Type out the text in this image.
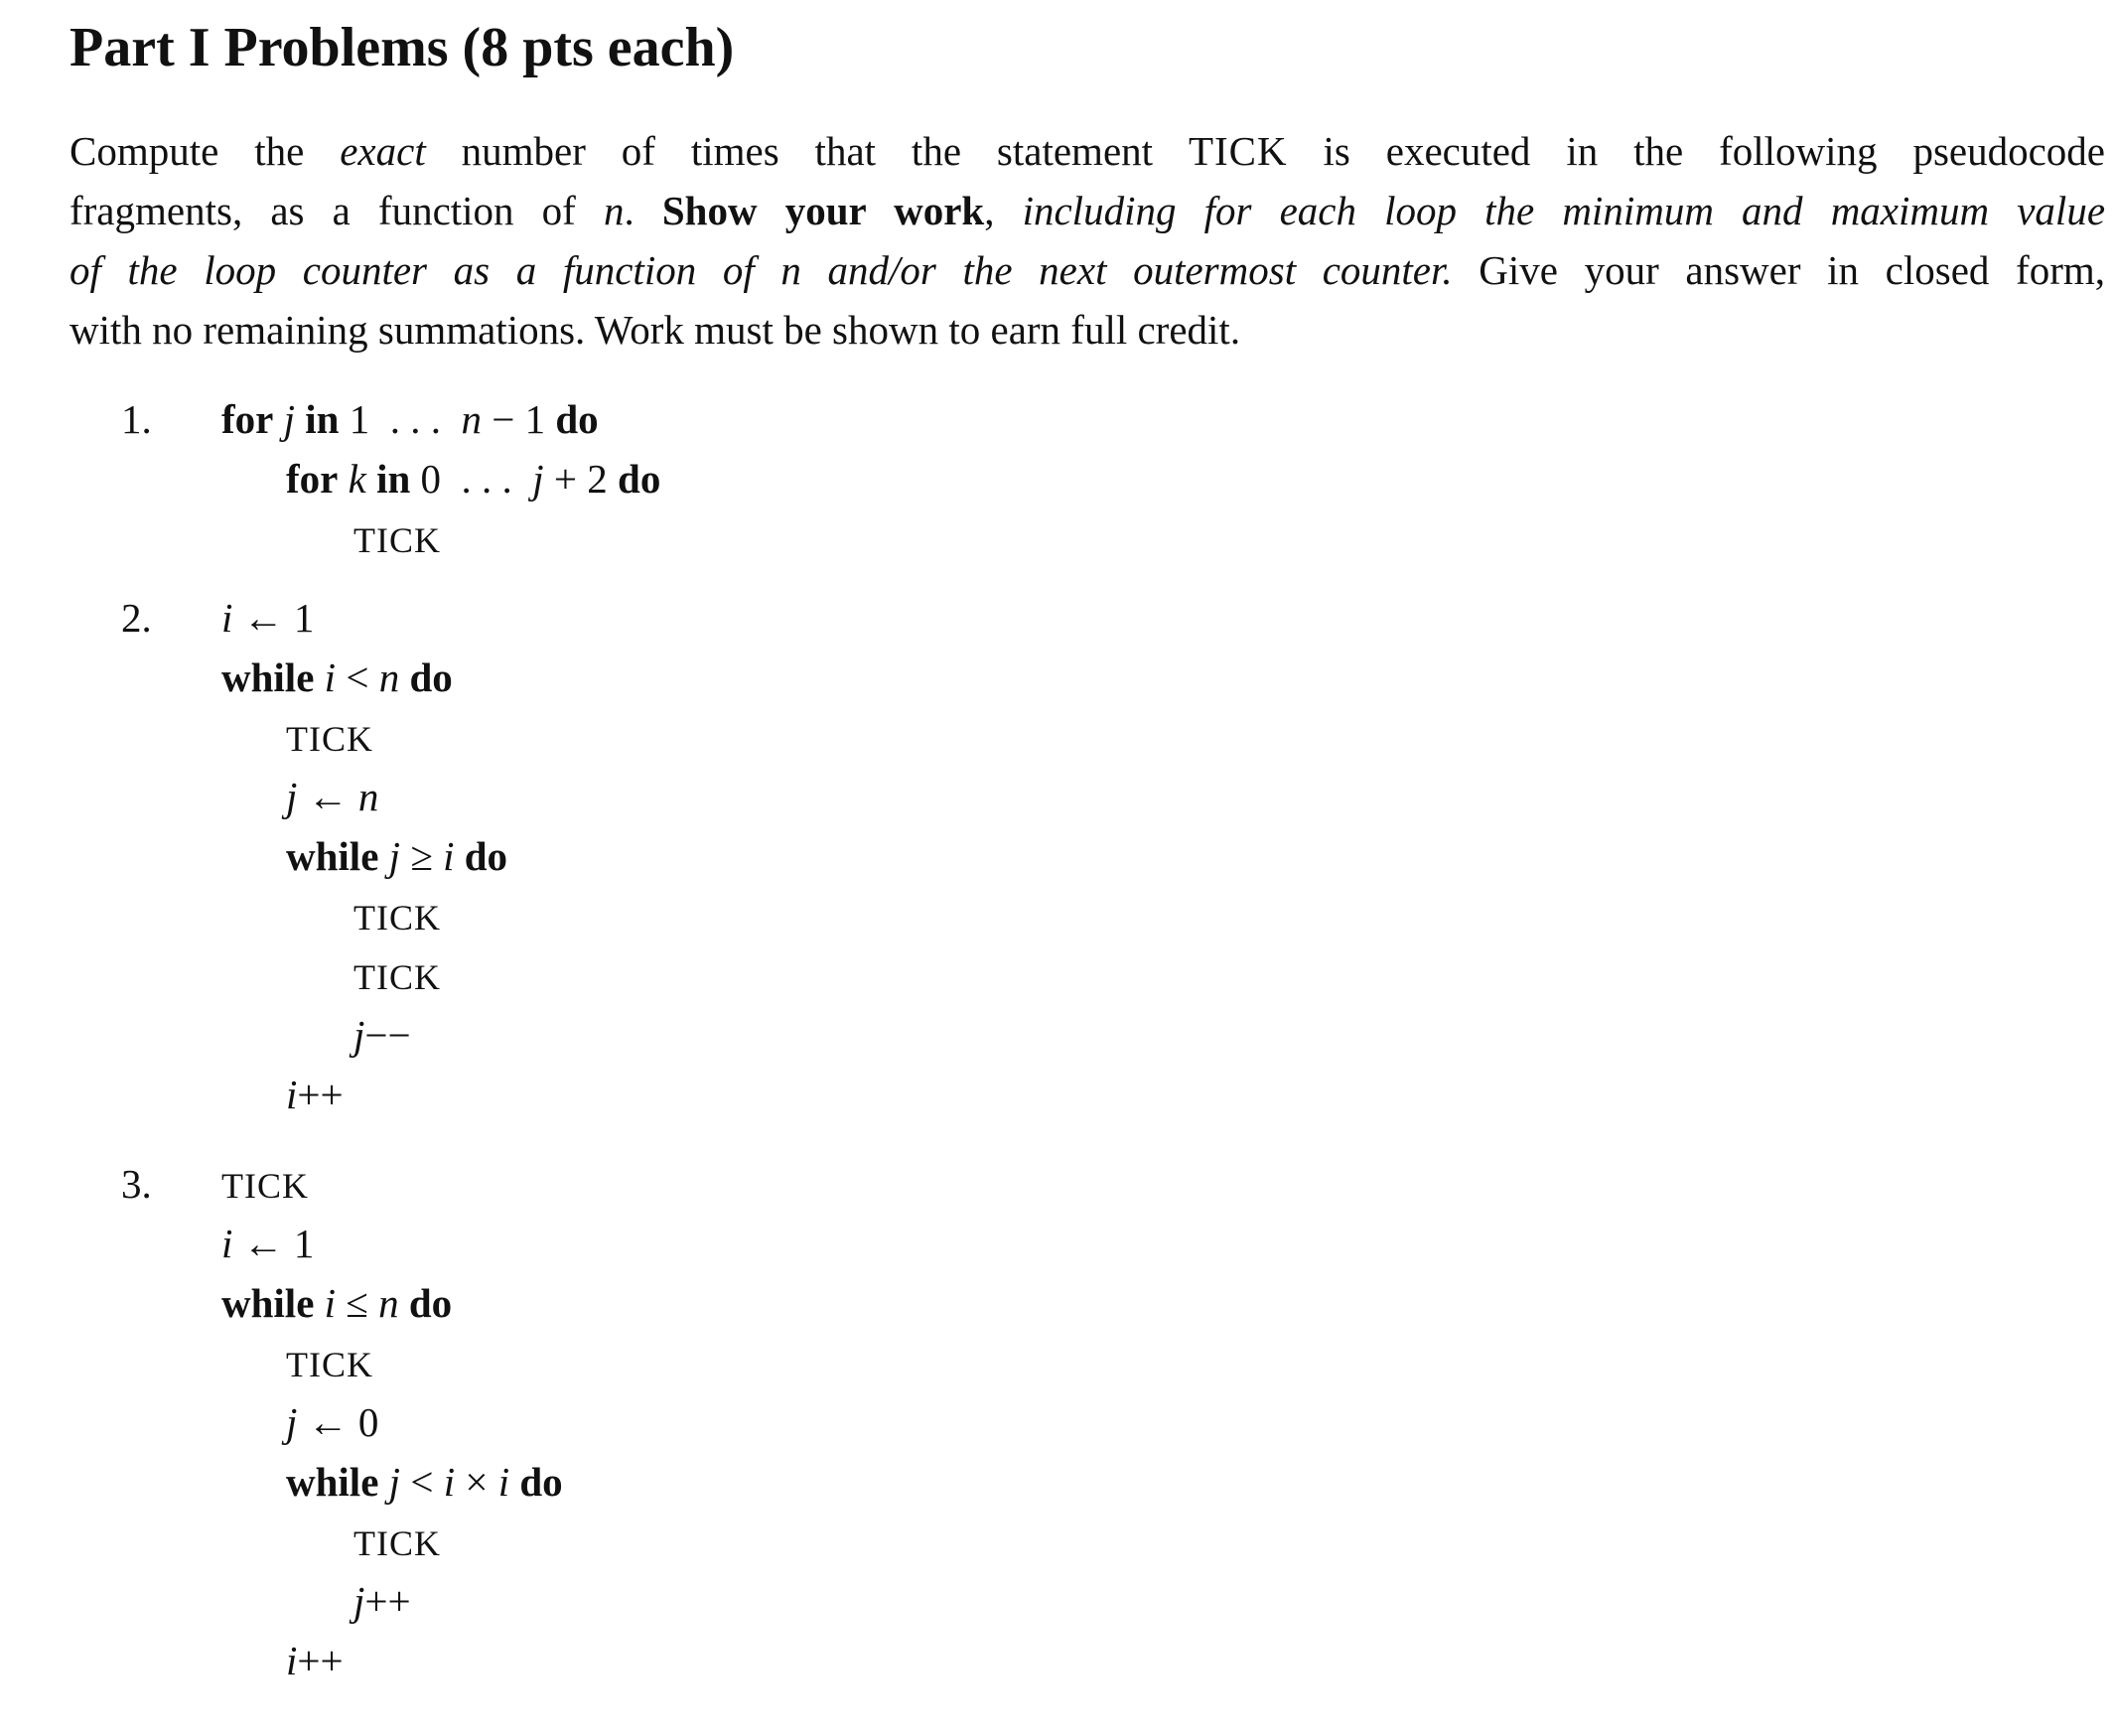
Part I Problems (8 pts each)
Compute the exact number of times that the statement TICK is executed in the following pseudocode
fragments, as a function of n. Show your work, including for each loop the minimum and maximum value
of the loop counter as a function of n and/or the next outermost counter. Give your answer in closed form,
with no remaining summations. Work must be shown to earn full credit.
1. for j in 1  . . .  n − 1 do
for k in 0  . . .  j + 2 do
TICK
2. i ← 1
while i < n do
TICK
j ← n
while j ≥ i do
TICK
TICK
j−−
i++
3. TICK
i ← 1
while i ≤ n do
TICK
j ← 0
while j < i × i do
TICK
j++
i++
